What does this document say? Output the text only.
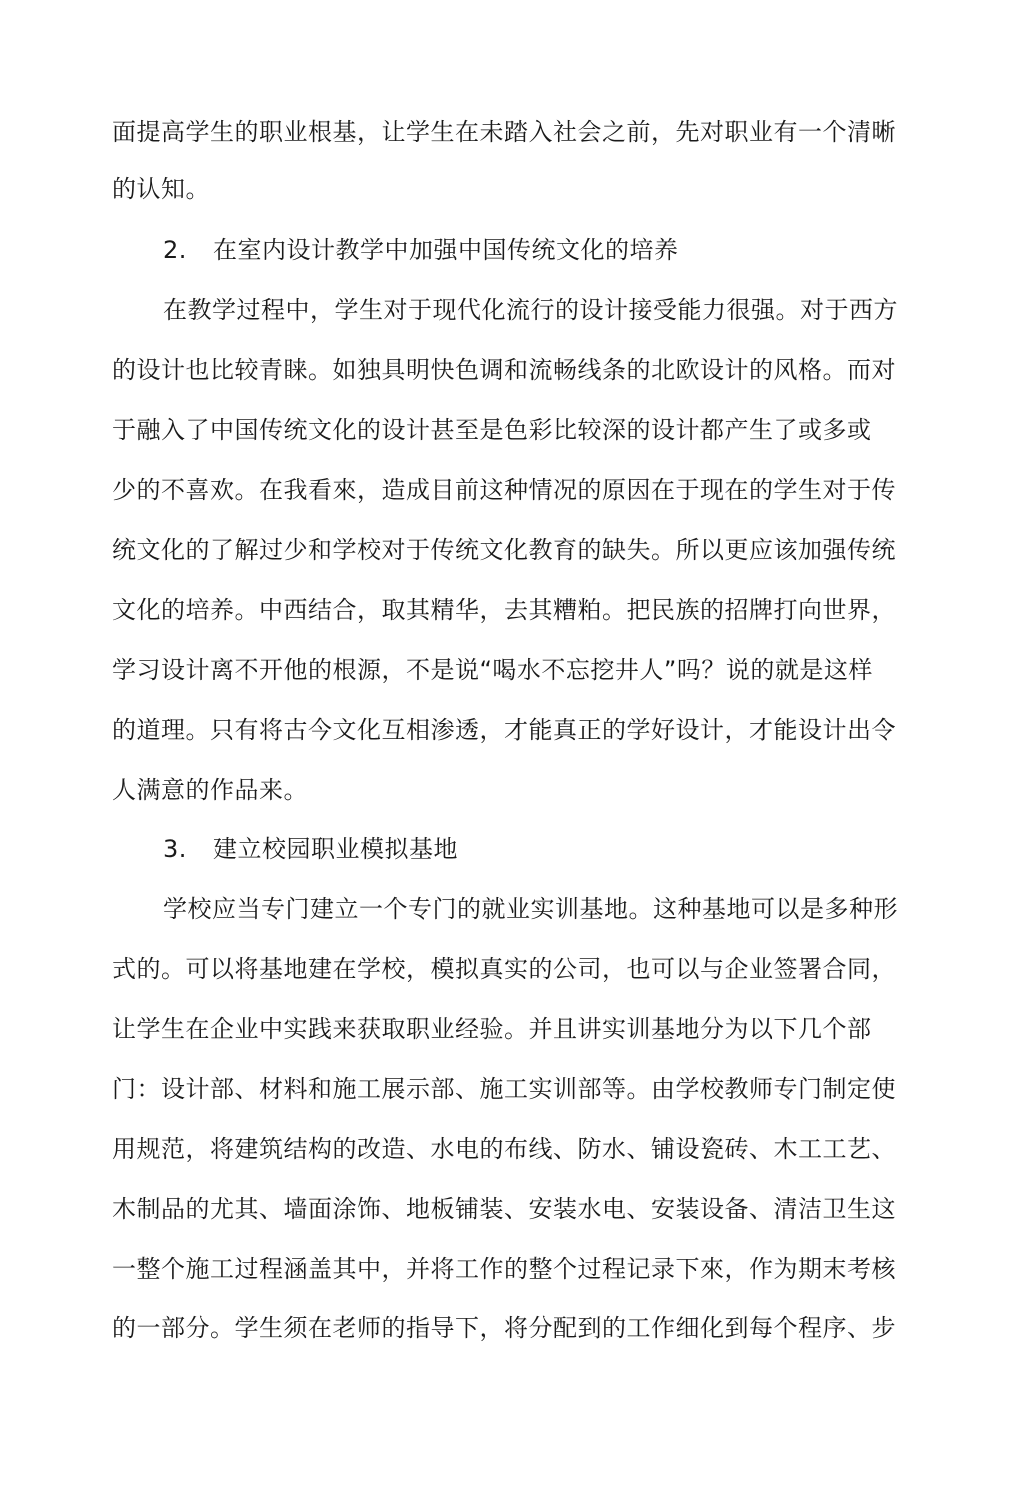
面提高学生的职业根基，让学生在未踏入社会之前，先对职业有一个清晰
的认知。
2. 在室内设计教学中加强中国传统文化的培养
在教学过程中，学生对于现代化流行的设计接受能力很强。对于西方
的设计也比较青睐。如独具明快色调和流畅线条的北欧设计的风格。而对
于融入了中国传统文化的设计甚至是色彩比较深的设计都产生了或多或
少的不喜欢。在我看來，造成目前这种情况的原因在于现在的学生对于传
统文化的了解过少和学校对于传统文化教育的缺失。所以更应该加强传统
文化的培养。中西结合，取其精华，去其糟粕。把民族的招牌打向世界，
学习设计离不开他的根源，不是说“喝水不忘挖井人”吗？说的就是这样
的道理。只有将古今文化互相渗透，才能真正的学好设计，才能设计出令
人满意的作品来。
3. 建立校园职业模拟基地
学校应当专门建立一个专门的就业实训基地。这种基地可以是多种形
式的。可以将基地建在学校，模拟真实的公司，也可以与企业签署合同，
让学生在企业中实践来获取职业经验。并且讲实训基地分为以下几个部
门：设计部、材料和施工展示部、施工实训部等。由学校教师专门制定使
用规范，将建筑结构的改造、水电的布线、防水、铺设瓷砖、木工工艺、
木制品的尤其、墙面涂饰、地板铺装、安装水电、安装设备、清洁卫生这
一整个施工过程涵盖其中，并将工作的整个过程记录下來，作为期末考核
的一部分。学生须在老师的指导下，将分配到的工作细化到每个程序、步
